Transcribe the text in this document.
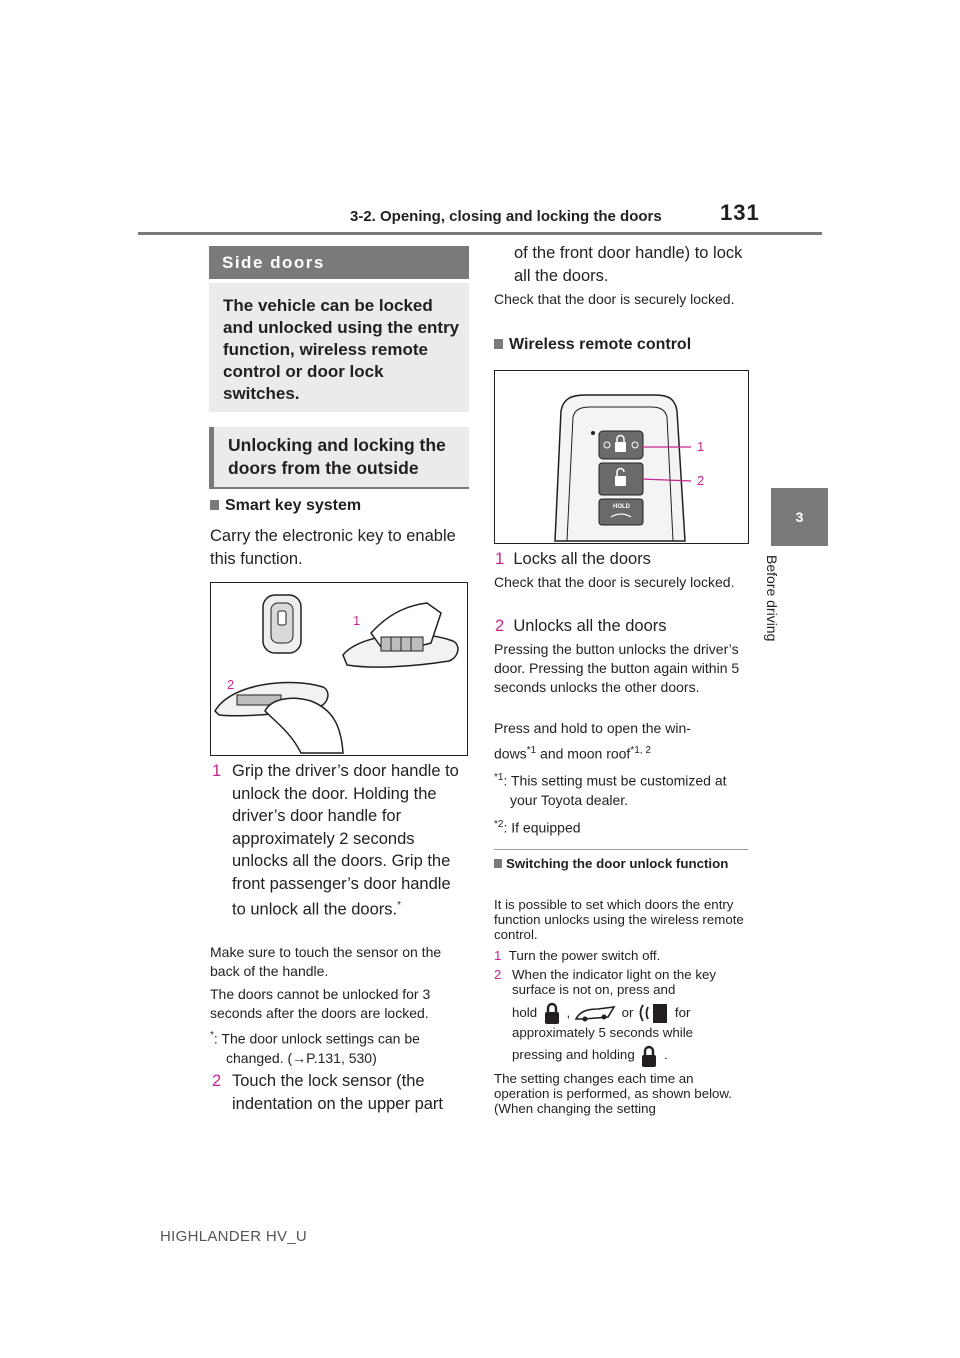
3-2. Opening, closing and locking the doors	131
3
Before driving
Side doors
The vehicle can be locked and unlocked using the entry function, wireless remote control or door lock switches.
Unlocking and locking the doors from the outside
Smart key system
Carry the electronic key to enable this function.
1
2
1 Grip the driver’s door handle to unlock the door. Holding the driver’s door handle for approximately 2 seconds unlocks all the doors. Grip the front passenger’s door handle to unlock all the doors.*
Make sure to touch the sensor on the back of the handle.
The doors cannot be unlocked for 3 seconds after the doors are locked.
*: The door unlock settings can be changed. (→P.131, 530)
2 Touch the lock sensor (the indentation on the upper part
of the front door handle) to lock all the doors.
Check that the door is securely locked.
Wireless remote control
HOLD
1
2
1 Locks all the doors
Check that the door is securely locked.
2 Unlocks all the doors
Pressing the button unlocks the driver’s door. Pressing the button again within 5 seconds unlocks the other doors.
Press and hold to open the win-
dows$^{*1}$ and moon roof$^{*1, 2}$
$^{*1}$: This setting must be customized at your Toyota dealer.
$^{*2}$: If equipped
Switching the door unlock function
It is possible to set which doors the entry function unlocks using the wireless remote control.
1 Turn the power switch off.
2 When the indicator light on the key surface is not on, press and
hold ,	or	for
approximately 5 seconds while
pressing and holding .
The setting changes each time an operation is performed, as shown below. (When changing the setting
HIGHLANDER HV_U
